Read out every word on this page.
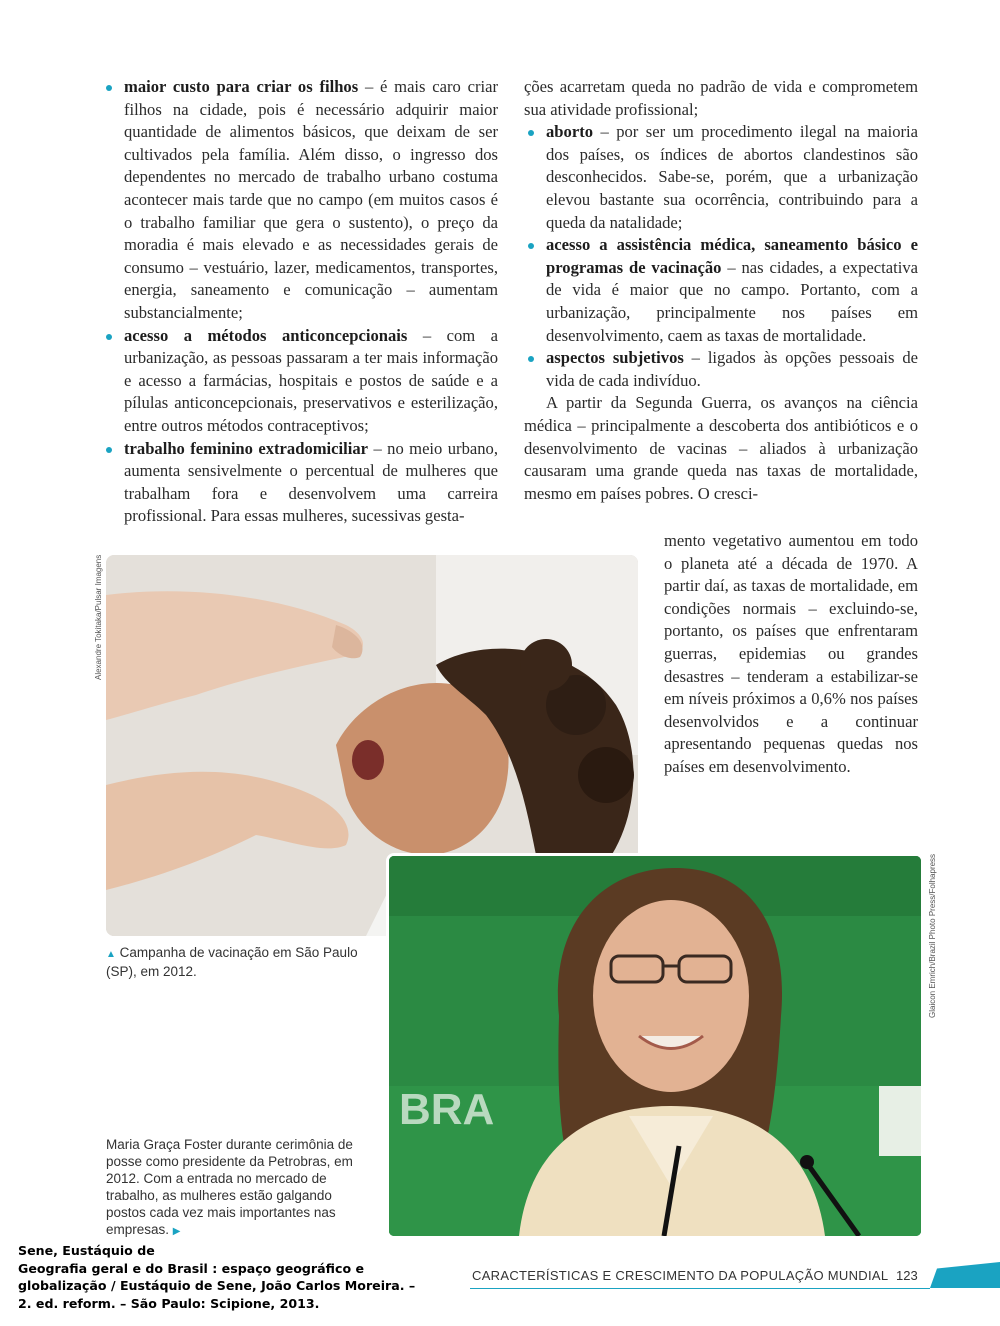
maior custo para criar os filhos – é mais caro criar filhos na cidade, pois é necessário adquirir maior quantidade de alimentos básicos, que deixam de ser cultivados pela família. Além disso, o ingresso dos dependentes no mercado de trabalho urbano costuma acontecer mais tarde que no campo (em muitos casos é o trabalho familiar que gera o sustento), o preço da moradia é mais elevado e as necessidades gerais de consumo – vestuário, lazer, medicamentos, transportes, energia, saneamento e comunicação – aumentam substancialmente;

acesso a métodos anticoncepcionais – com a urbanização, as pessoas passaram a ter mais informação e acesso a farmácias, hospitais e postos de saúde e a pílulas anticoncepcionais, preservativos e esterilização, entre outros métodos contraceptivos;

trabalho feminino extradomiciliar – no meio urbano, aumenta sensivelmente o percentual de mulheres que trabalham fora e desenvolvem uma carreira profissional. Para essas mulheres, sucessivas gesta-

ções acarretam queda no padrão de vida e comprometem sua atividade profissional;

aborto – por ser um procedimento ilegal na maioria dos países, os índices de abortos clandestinos são desconhecidos. Sabe-se, porém, que a urbanização elevou bastante sua ocorrência, contribuindo para a queda da natalidade;

acesso a assistência médica, saneamento básico e programas de vacinação – nas cidades, a expectativa de vida é maior que no campo. Portanto, com a urbanização, principalmente nos países em desenvolvimento, caem as taxas de mortalidade.

aspectos subjetivos – ligados às opções pessoais de vida de cada indivíduo.

A partir da Segunda Guerra, os avanços na ciência médica – principalmente a descoberta dos antibióticos e o desenvolvimento de vacinas – aliados à urbanização causaram uma grande queda nas taxas de mortalidade, mesmo em países pobres. O cresci-

mento vegetativo aumentou em todo o planeta até a década de 1970. A partir daí, as taxas de mortalidade, em condições normais – excluindo-se, portanto, os países que enfrentaram guerras, epidemias ou grandes desastres – tenderam a estabilizar-se em níveis próximos a 0,6% nos países desenvolvidos e a continuar apresentando pequenas quedas nos países em desenvolvimento.
Alexandre Tokitaka/Pulsar Imagens
▲ Campanha de vacinação em São Paulo (SP), em 2012.
BRA
Glaicon Emrich/Brazil Photo Press/Folhapress
Maria Graça Foster durante cerimônia de posse como presidente da Petrobras, em 2012. Com a entrada no mercado de trabalho, as mulheres estão galgando postos cada vez mais importantes nas empresas. ▶
CARACTERÍSTICAS E CRESCIMENTO DA POPULAÇÃO MUNDIAL 123
Sene, Eustáquio de
Geografia geral e do Brasil : espaço geográfico e
globalização / Eustáquio de Sene, João Carlos Moreira. –
2. ed. reform. – São Paulo: Scipione, 2013.
